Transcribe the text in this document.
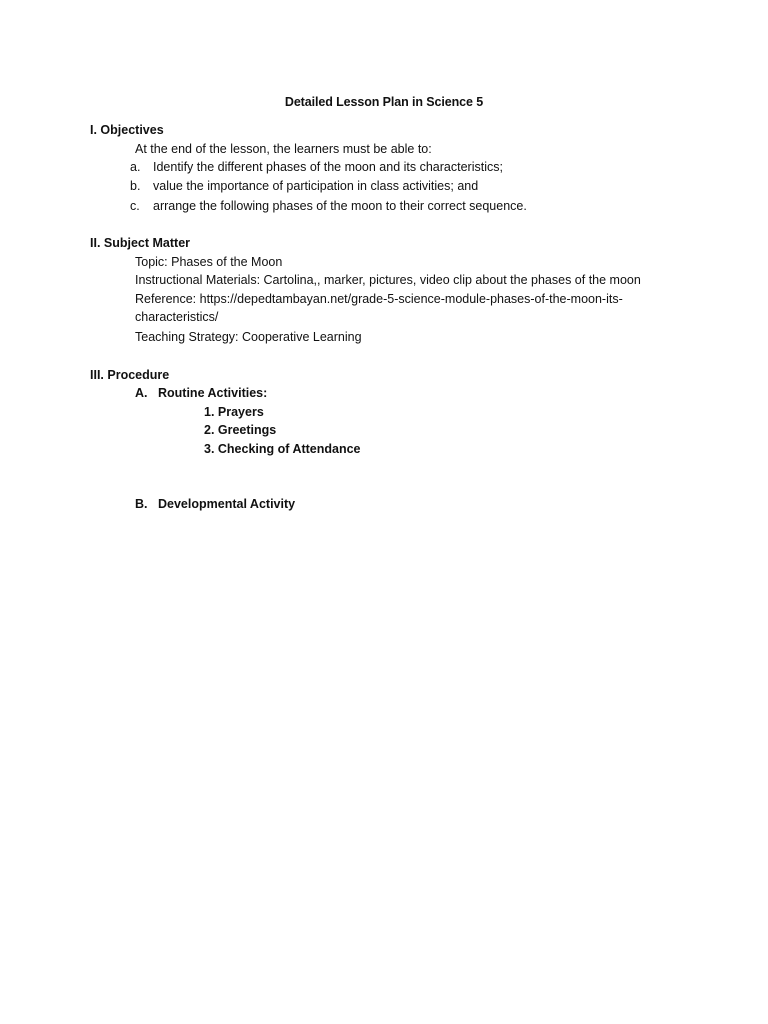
Detailed Lesson Plan in Science 5
I. Objectives
At the end of the lesson, the learners must be able to:
a. Identify the different phases of the moon and its characteristics;
b. value the importance of participation in class activities; and
c. arrange the following phases of the moon to their correct sequence.
II. Subject Matter
Topic: Phases of the Moon
Instructional Materials: Cartolina,, marker, pictures, video clip about the phases of the moon
Reference: https://depedtambayan.net/grade-5-science-module-phases-of-the-moon-its-
characteristics/
Teaching Strategy: Cooperative Learning
III. Procedure
A. Routine Activities:
1. Prayers
2. Greetings
3. Checking of Attendance
B. Developmental Activity
